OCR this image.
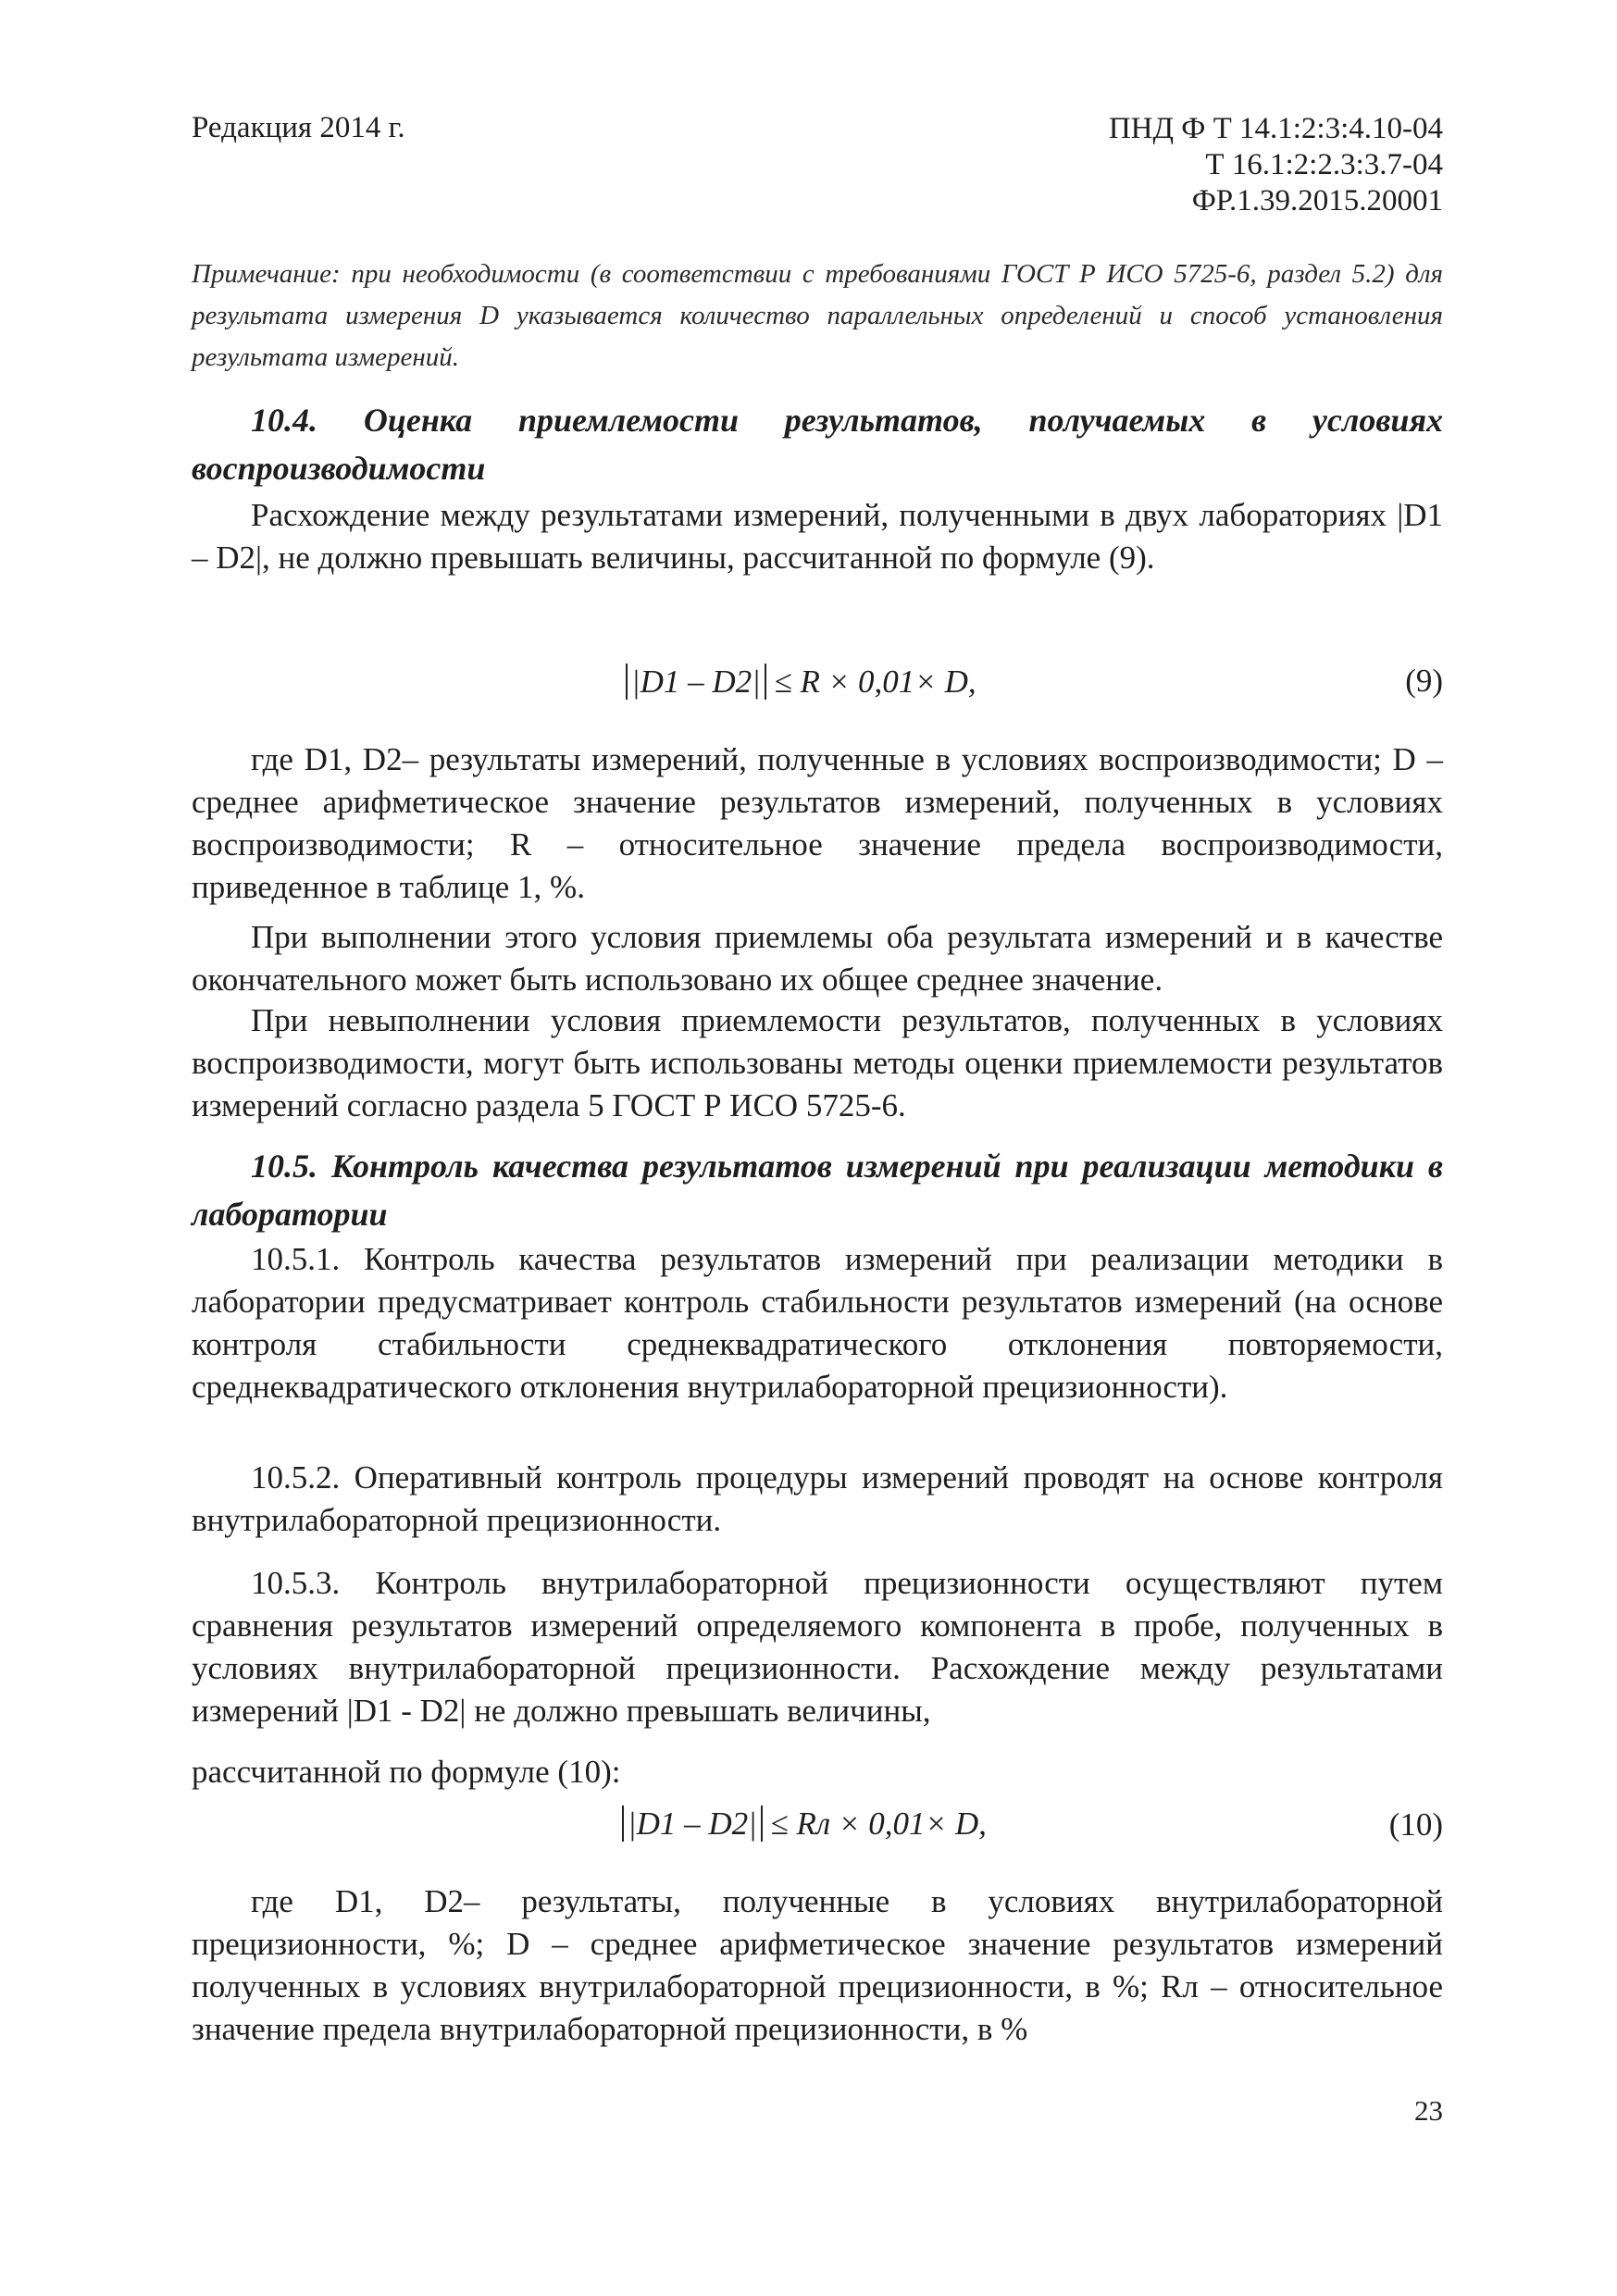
Редакция 2014 г.	ПНД Ф Т 14.1:2:3:4.10-04
Т 16.1:2:2.3:3.7-04
ФР.1.39.2015.20001
Примечание: при необходимости (в соответствии с требованиями ГОСТ Р ИСО 5725-6, раздел 5.2) для результата измерения D указывается количество параллельных определений и способ установления результата измерений.
10.4. Оценка приемлемости результатов, получаемых в условиях воспроизводимости
Расхождение между результатами измерений, полученными в двух лабораториях |D1 – D2|, не должно превышать величины, рассчитанной по формуле (9).
|D1 – D2| ≤ R × 0,01× D,	(9)
где D1, D2– результаты измерений, полученные в условиях воспроизводимости; D – среднее арифметическое значение результатов измерений, полученных в условиях воспроизводимости; R – относительное значение предела воспроизводимости, приведенное в таблице 1, %.
При выполнении этого условия приемлемы оба результата измерений и в качестве окончательного может быть использовано их общее среднее значение.
При невыполнении условия приемлемости результатов, полученных в условиях воспроизводимости, могут быть использованы методы оценки приемлемости результатов измерений согласно раздела 5 ГОСТ Р ИСО 5725-6.
10.5. Контроль качества результатов измерений при реализации методики в лаборатории
10.5.1. Контроль качества результатов измерений при реализации методики в лаборатории предусматривает контроль стабильности результатов измерений (на основе контроля стабильности среднеквадратического отклонения повторяемости, среднеквадратического отклонения внутрилабораторной прецизионности).
10.5.2. Оперативный контроль процедуры измерений проводят на основе контроля внутрилабораторной прецизионности.
10.5.3. Контроль внутрилабораторной прецизионности осуществляют путем сравнения результатов измерений определяемого компонента в пробе, полученных в условиях внутрилабораторной прецизионности. Расхождение между результатами измерений |D1 - D2| не должно превышать величины,
рассчитанной по формуле (10):
|D1 – D2| ≤ Rл × 0,01× D,	(10)
где D1, D2– результаты, полученные в условиях внутрилабораторной прецизионности, %; D – среднее арифметическое значение результатов измерений полученных в условиях внутрилабораторной прецизионности, в %; Rл – относительное значение предела внутрилабораторной прецизионности, в %
23
